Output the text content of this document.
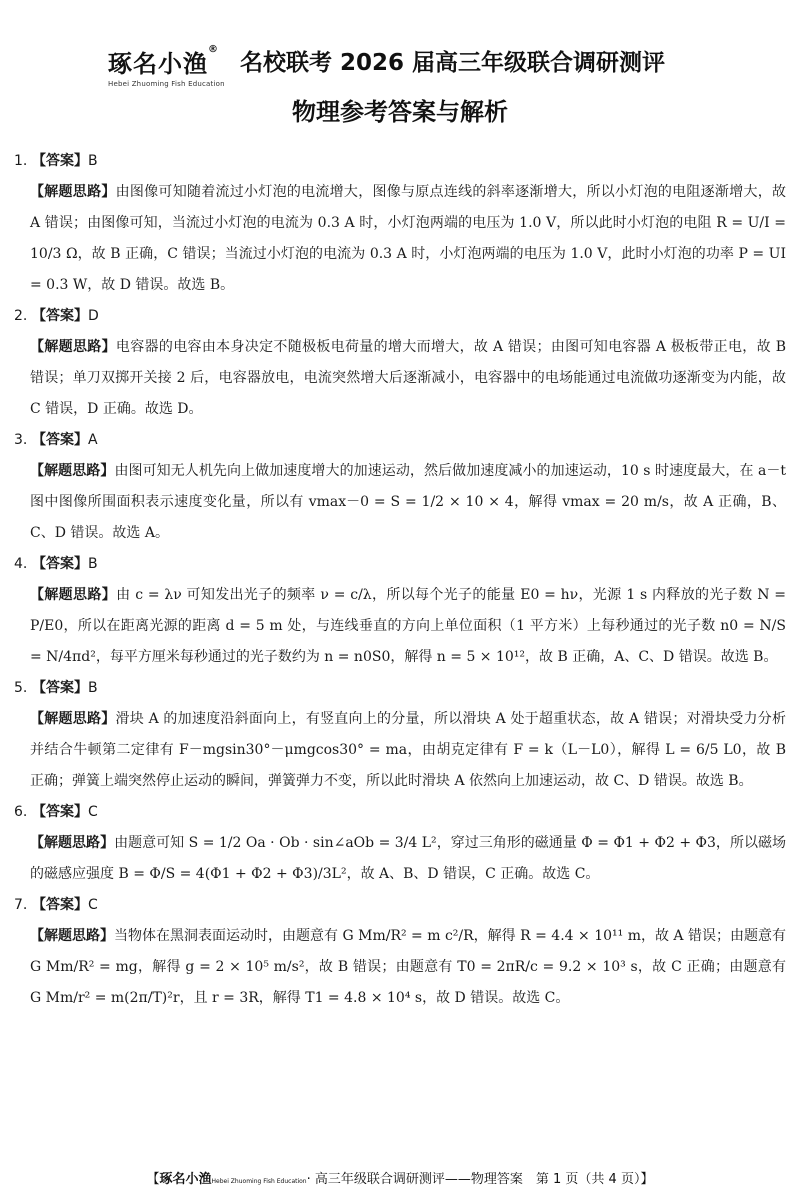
琢名小渔®
Hebei Zhuoming Fish Education
名校联考 2026 届高三年级联合调研测评
物理参考答案与解析
1. 【答案】B

【解题思路】由图像可知随着流过小灯泡的电流增大，图像与原点连线的斜率逐渐增大，所以小灯泡的电阻逐渐增大，故 A 错误；由图像可知，当流过小灯泡的电流为 0.3 A 时，小灯泡两端的电压为 1.0 V，所以此时小灯泡的电阻 R = U/I = 10/3 Ω，故 B 正确，C 错误；当流过小灯泡的电流为 0.3 A 时，小灯泡两端的电压为 1.0 V，此时小灯泡的功率 P = UI = 0.3 W，故 D 错误。故选 B。

2. 【答案】D

【解题思路】电容器的电容由本身决定不随极板电荷量的增大而增大，故 A 错误；由图可知电容器 A 极板带正电，故 B 错误；单刀双掷开关接 2 后，电容器放电，电流突然增大后逐渐减小，电容器中的电场能通过电流做功逐渐变为内能，故 C 错误，D 正确。故选 D。

3. 【答案】A

【解题思路】由图可知无人机先向上做加速度增大的加速运动，然后做加速度减小的加速运动，10 s 时速度最大，在 a－t 图中图像所围面积表示速度变化量，所以有 vmax－0 = S = 1/2 × 10 × 4，解得 vmax = 20 m/s，故 A 正确，B、C、D 错误。故选 A。

4. 【答案】B

【解题思路】由 c = λν 可知发出光子的频率 ν = c/λ，所以每个光子的能量 E0 = hν，光源 1 s 内释放的光子数 N = P/E0，所以在距离光源的距离 d = 5 m 处，与连线垂直的方向上单位面积（1 平方米）上每秒通过的光子数 n0 = N/S = N/4πd²，每平方厘米每秒通过的光子数约为 n = n0S0，解得 n = 5 × 10¹²，故 B 正确，A、C、D 错误。故选 B。

5. 【答案】B

【解题思路】滑块 A 的加速度沿斜面向上，有竖直向上的分量，所以滑块 A 处于超重状态，故 A 错误；对滑块受力分析并结合牛顿第二定律有 F－mgsin30°－μmgcos30° = ma，由胡克定律有 F = k（L－L0），解得 L = 6/5 L0，故 B 正确；弹簧上端突然停止运动的瞬间，弹簧弹力不变，所以此时滑块 A 依然向上加速运动，故 C、D 错误。故选 B。

6. 【答案】C

【解题思路】由题意可知 S = 1/2 Oa · Ob · sin∠aOb = 3/4 L²，穿过三角形的磁通量 Φ = Φ1 + Φ2 + Φ3，所以磁场的磁感应强度 B = Φ/S = 4(Φ1 + Φ2 + Φ3)/3L²，故 A、B、D 错误，C 正确。故选 C。

7. 【答案】C

【解题思路】当物体在黑洞表面运动时，由题意有 G Mm/R² = m c²/R，解得 R = 4.4 × 10¹¹ m，故 A 错误；由题意有 G Mm/R² = mg，解得 g = 2 × 10⁵ m/s²，故 B 错误；由题意有 T0 = 2πR/c = 9.2 × 10³ s，故 C 正确；由题意有 G Mm/r² = m(2π/T)²r，且 r = 3R，解得 T1 = 4.8 × 10⁴ s，故 D 错误。故选 C。

【琢名小渔Hebei Zhuoming Fish Education· 高三年级联合调研测评——物理答案　第 1 页（共 4 页）】
